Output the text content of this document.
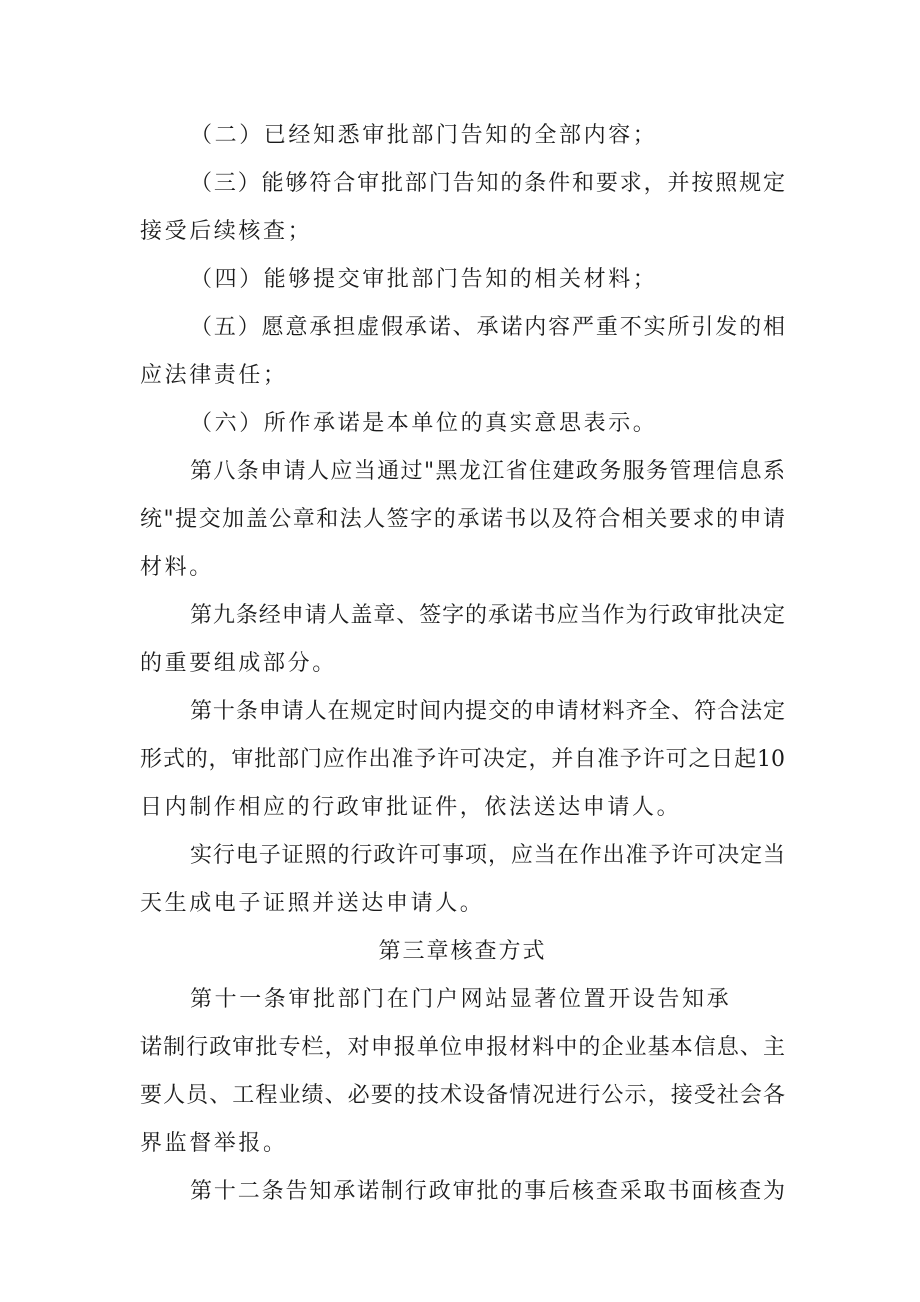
（二）已经知悉审批部门告知的全部内容；
（三）能够符合审批部门告知的条件和要求，并按照规定
接受后续核查；
（四）能够提交审批部门告知的相关材料；
（五）愿意承担虚假承诺、承诺内容严重不实所引发的相
应法律责任；
（六）所作承诺是本单位的真实意思表示。
第八条申请人应当通过"黑龙江省住建政务服务管理信息系
统"提交加盖公章和法人签字的承诺书以及符合相关要求的申请
材料。
第九条经申请人盖章、签字的承诺书应当作为行政审批决定
的重要组成部分。
第十条申请人在规定时间内提交的申请材料齐全、符合法定
形式的，审批部门应作出准予许可决定，并自准予许可之日起10
日内制作相应的行政审批证件，依法送达申请人。
实行电子证照的行政许可事项，应当在作出准予许可决定当
天生成电子证照并送达申请人。
第三章核查方式
第十一条审批部门在门户网站显著位置开设告知承
诺制行政审批专栏，对申报单位申报材料中的企业基本信息、主
要人员、工程业绩、必要的技术设备情况进行公示，接受社会各
界监督举报。
第十二条告知承诺制行政审批的事后核查采取书面核查为
